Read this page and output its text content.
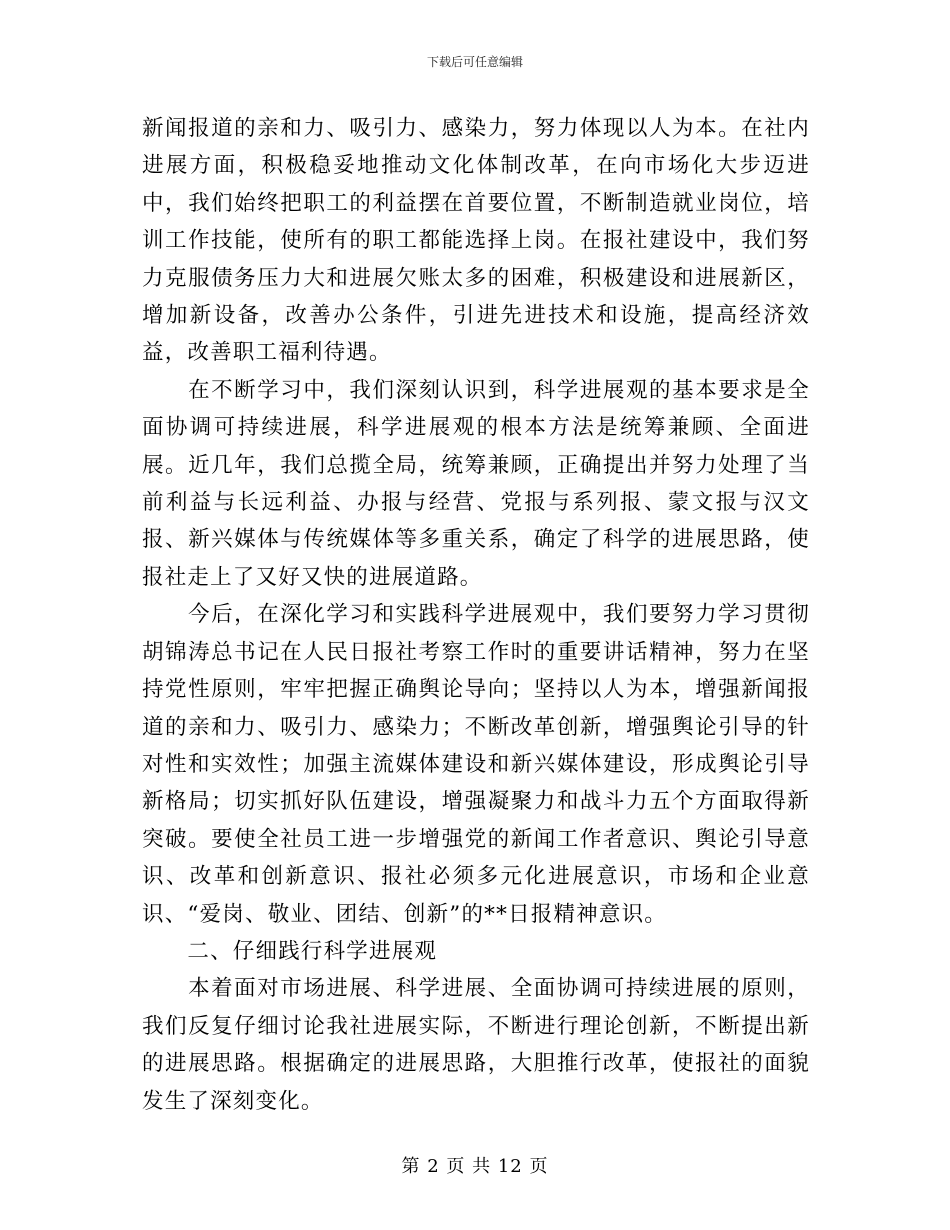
下载后可任意编辑

新闻报道的亲和力、吸引力、感染力，努力体现以人为本。在社内进展方面，积极稳妥地推动文化体制改革，在向市场化大步迈进中，我们始终把职工的利益摆在首要位置，不断制造就业岗位，培训工作技能，使所有的职工都能选择上岗。在报社建设中，我们努力克服债务压力大和进展欠账太多的困难，积极建设和进展新区，增加新设备，改善办公条件，引进先进技术和设施，提高经济效益，改善职工福利待遇。

　　在不断学习中，我们深刻认识到，科学进展观的基本要求是全面协调可持续进展，科学进展观的根本方法是统筹兼顾、全面进展。近几年，我们总揽全局，统筹兼顾，正确提出并努力处理了当前利益与长远利益、办报与经营、党报与系列报、蒙文报与汉文报、新兴媒体与传统媒体等多重关系，确定了科学的进展思路，使报社走上了又好又快的进展道路。

　　今后，在深化学习和实践科学进展观中，我们要努力学习贯彻胡锦涛总书记在人民日报社考察工作时的重要讲话精神，努力在坚持党性原则，牢牢把握正确舆论导向；坚持以人为本，增强新闻报道的亲和力、吸引力、感染力；不断改革创新，增强舆论引导的针对性和实效性；加强主流媒体建设和新兴媒体建设，形成舆论引导新格局；切实抓好队伍建设，增强凝聚力和战斗力五个方面取得新突破。要使全社员工进一步增强党的新闻工作者意识、舆论引导意识、改革和创新意识、报社必须多元化进展意识，市场和企业意识、“爱岗、敬业、团结、创新”的**日报精神意识。

　　二、仔细践行科学进展观

　　本着面对市场进展、科学进展、全面协调可持续进展的原则，我们反复仔细讨论我社进展实际，不断进行理论创新，不断提出新的进展思路。根据确定的进展思路，大胆推行改革，使报社的面貌发生了深刻变化。

第 2 页 共 12 页
